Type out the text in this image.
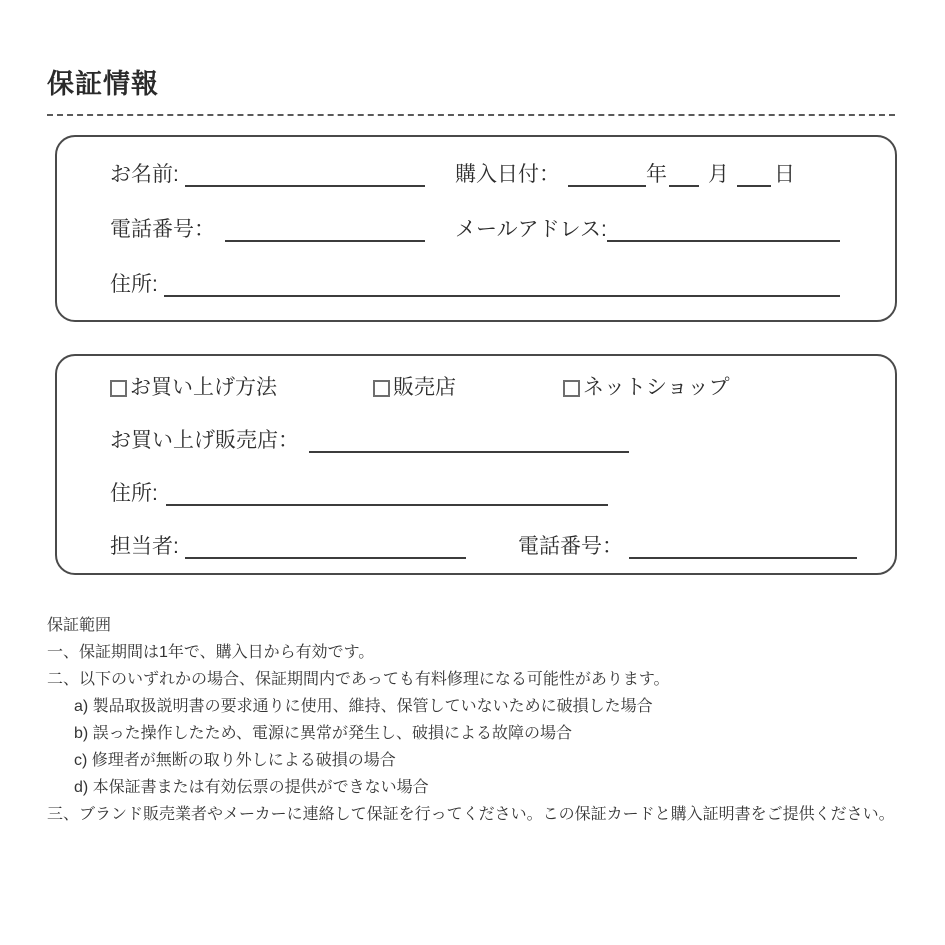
保証情報
お名前:	購入日付：	年 月 日
電話番号：	メールアドレス:
住所:
お買い上げ方法	販売店	ネットショップ
お買い上げ販売店：
住所:
担当者:	電話番号：

保証範囲

一、保証期間は1年で、購入日から有効です。

二、以下のいずれかの場合、保証期間内であっても有料修理になる可能性があります。

a) 製品取扱説明書の要求通りに使用、維持、保管していないために破損した場合

b) 誤った操作したため、電源に異常が発生し、破損による故障の場合

c) 修理者が無断の取り外しによる破損の場合

d) 本保証書または有効伝票の提供ができない場合

三、ブランド販売業者やメーカーに連絡して保証を行ってください。この保証カードと購入証明書をご提供ください。
